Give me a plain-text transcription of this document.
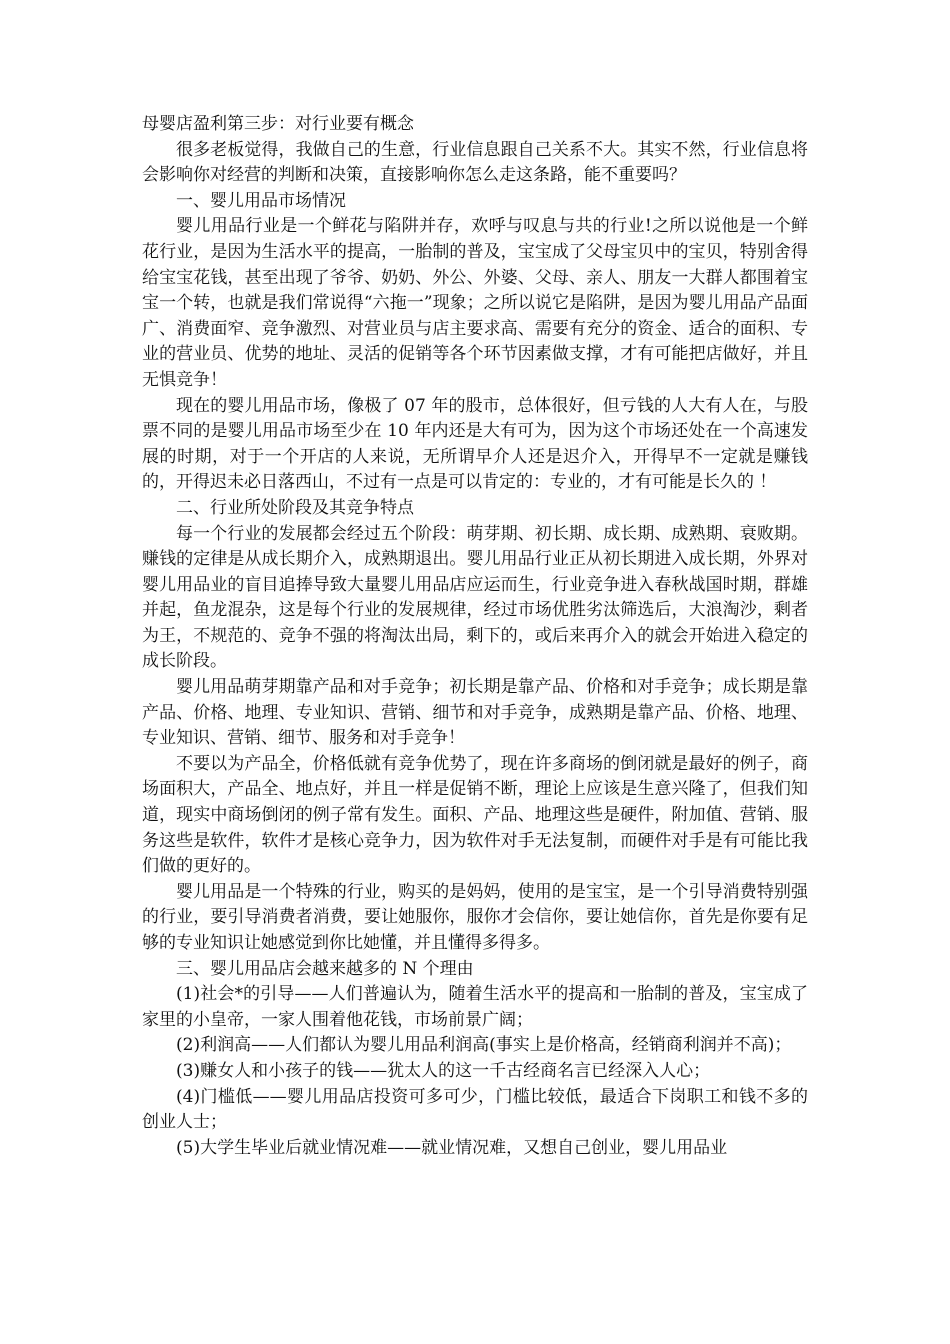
母婴店盈利第三步：对行业要有概念

很多老板觉得，我做自己的生意，行业信息跟自己关系不大。其实不然，行业信息将会影响你对经营的判断和决策，直接影响你怎么走这条路，能不重要吗？

一、婴儿用品市场情况

婴儿用品行业是一个鲜花与陷阱并存，欢呼与叹息与共的行业!之所以说他是一个鲜花行业，是因为生活水平的提高，一胎制的普及，宝宝成了父母宝贝中的宝贝，特别舍得给宝宝花钱，甚至出现了爷爷、奶奶、外公、外婆、父母、亲人、朋友一大群人都围着宝宝一个转，也就是我们常说得“六拖一”现象；之所以说它是陷阱，是因为婴儿用品产品面广、消费面窄、竞争激烈、对营业员与店主要求高、需要有充分的资金、适合的面积、专业的营业员、优势的地址、灵活的促销等各个环节因素做支撑，才有可能把店做好，并且无惧竞争！

现在的婴儿用品市场，像极了 07 年的股市，总体很好，但亏钱的人大有人在，与股票不同的是婴儿用品市场至少在 10 年内还是大有可为，因为这个市场还处在一个高速发展的时期，对于一个开店的人来说，无所谓早介人还是迟介入，开得早不一定就是赚钱的，开得迟未必日落西山，不过有一点是可以肯定的：专业的，才有可能是长久的 ！

二、行业所处阶段及其竞争特点

每一个行业的发展都会经过五个阶段：萌芽期、初长期、成长期、成熟期、衰败期。赚钱的定律是从成长期介入，成熟期退出。婴儿用品行业正从初长期进入成长期，外界对婴儿用品业的盲目追捧导致大量婴儿用品店应运而生，行业竞争进入春秋战国时期，群雄并起，鱼龙混杂，这是每个行业的发展规律，经过市场优胜劣汰筛选后，大浪淘沙，剩者为王，不规范的、竞争不强的将淘汰出局，剩下的，或后来再介入的就会开始进入稳定的成长阶段。

婴儿用品萌芽期靠产品和对手竞争；初长期是靠产品、价格和对手竞争；成长期是靠产品、价格、地理、专业知识、营销、细节和对手竞争，成熟期是靠产品、价格、地理、专业知识、营销、细节、服务和对手竞争！

不要以为产品全，价格低就有竞争优势了，现在许多商场的倒闭就是最好的例子，商场面积大，产品全、地点好，并且一样是促销不断，理论上应该是生意兴隆了，但我们知道，现实中商场倒闭的例子常有发生。面积、产品、地理这些是硬件，附加值、营销、服务这些是软件，软件才是核心竞争力，因为软件对手无法复制，而硬件对手是有可能比我们做的更好的。

婴儿用品是一个特殊的行业，购买的是妈妈，使用的是宝宝，是一个引导消费特别强的行业，要引导消费者消费，要让她服你，服你才会信你，要让她信你，首先是你要有足够的专业知识让她感觉到你比她懂，并且懂得多得多。

三、婴儿用品店会越来越多的 N 个理由

(1)社会*的引导——人们普遍认为，随着生活水平的提高和一胎制的普及，宝宝成了家里的小皇帝，一家人围着他花钱，市场前景广阔；

(2)利润高——人们都认为婴儿用品利润高(事实上是价格高，经销商利润并不高)；

(3)赚女人和小孩子的钱——犹太人的这一千古经商名言已经深入人心；

(4)门槛低——婴儿用品店投资可多可少，门槛比较低，最适合下岗职工和钱不多的创业人士；

(5)大学生毕业后就业情况难——就业情况难，又想自己创业，婴儿用品业
